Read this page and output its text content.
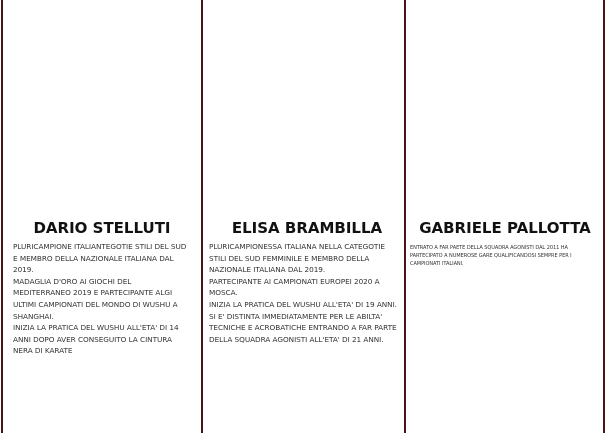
DARIO STELLUTI

PLURICAMPIONE ITALIANTEGOTIE STILI DEL SUD E MEMBRO DELLA NAZIONALE ITALIANA DAL 2019.

MADAGLIA D'ORO AI GIOCHI DEL MEDITERRANEO 2019 E PARTECIPANTE ALGI ULTIMI CAMPIONATI DEL MONDO DI WUSHU A SHANGHAI.

INIZIA LA PRATICA DEL WUSHU ALL'ETA' DI 14 ANNI DOPO AVER CONSEGUITO LA CINTURA NERA DI KARATE

ELISA BRAMBILLA

PLURICAMPIONESSA ITALIANA NELLA CATEGOTIE STILI DEL SUD FEMMINILE E MEMBRO DELLA NAZIONALE ITALIANA DAL 2019.

PARTECIPANTE AI CAMPIONATI EUROPEI 2020 A MOSCA.

INIZIA LA PRATICA DEL WUSHU ALL'ETA' DI 19 ANNI. SI E' DISTINTA IMMEDIATAMENTE PER LE ABILTA' TECNICHE E ACROBATICHE ENTRANDO A FAR PARTE DELLA SQUADRA AGONISTI ALL'ETA' DI 21 ANNI.

GABRIELE PALLOTTA

ENTRATO A FAR PAETE DELLA SQUADRA AGONISTI DAL 2011 HA PARTECIPATO A NUMEROSE GARE QUALIFICANDOSI SEMPRE PER I CAMPIONATI ITALIANI.
